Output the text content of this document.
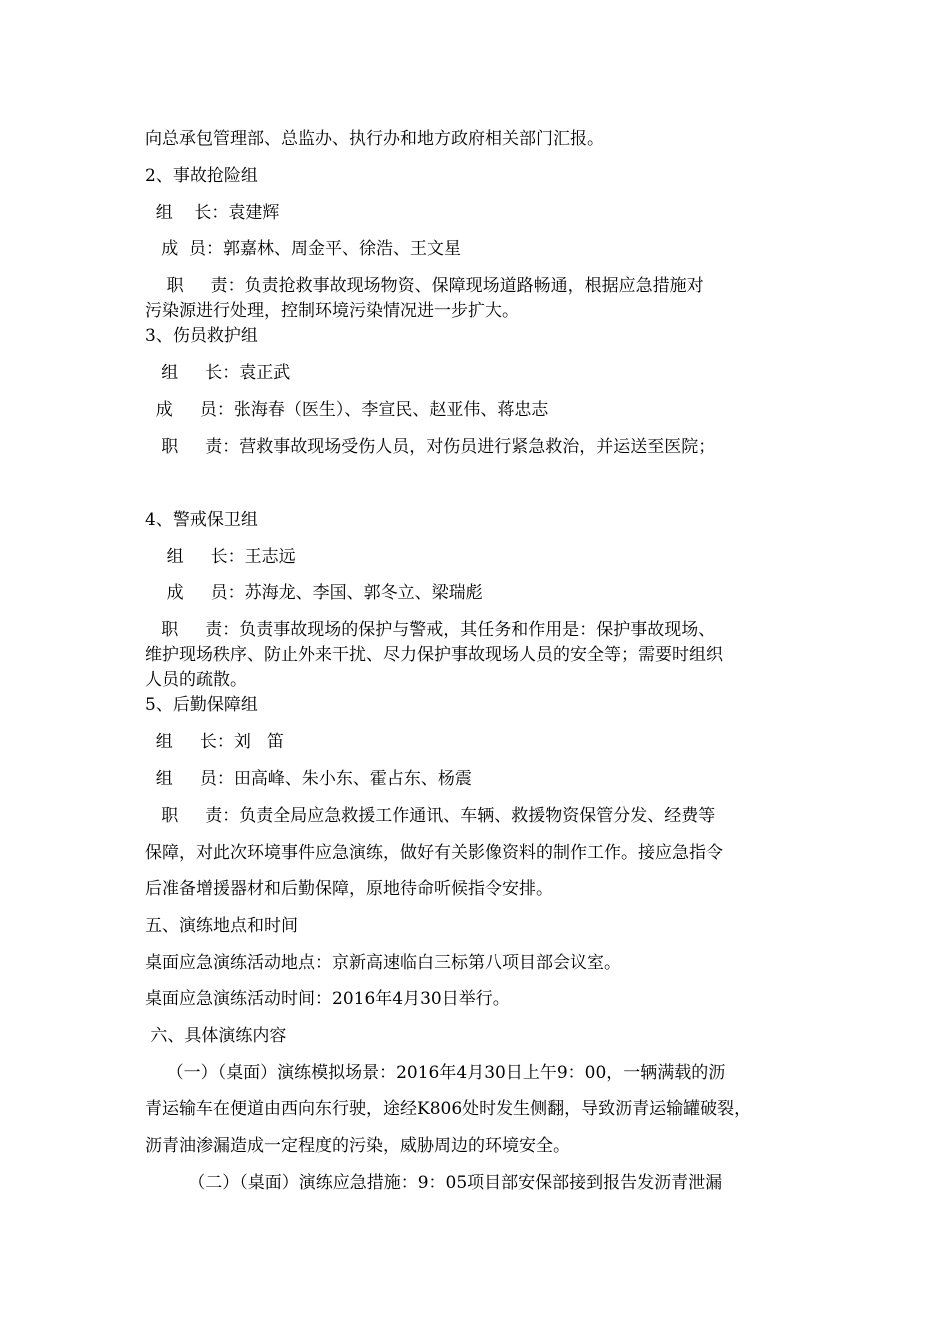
向总承包管理部、总监办、执行办和地方政府相关部门汇报。

2、事故抢险组

组    长：袁建辉

成  员：郭嘉林、周金平、徐浩、王文星

职     责：负责抢救事故现场物资、保障现场道路畅通，根据应急措施对

污染源进行处理，控制环境污染情况进一步扩大。

3、伤员救护组

组     长：袁正武

成     员：张海春（医生）、李宣民、赵亚伟、蒋忠志

职     责：营救事故现场受伤人员，对伤员进行紧急救治，并运送至医院；

4、警戒保卫组

组     长：王志远

成     员：苏海龙、李国、郭冬立、梁瑞彪

职     责：负责事故现场的保护与警戒，其任务和作用是：保护事故现场、

维护现场秩序、防止外来干扰、尽力保护事故现场人员的安全等；需要时组织

人员的疏散。

5、后勤保障组

组     长：刘   笛

组     员：田高峰、朱小东、霍占东、杨震

职     责：负责全局应急救援工作通讯、车辆、救援物资保管分发、经费等

保障，对此次环境事件应急演练，做好有关影像资料的制作工作。接应急指令

后准备增援器材和后勤保障，原地待命听候指令安排。

五、演练地点和时间

桌面应急演练活动地点：京新高速临白三标第八项目部会议室。

桌面应急演练活动时间：2016年4月30日举行。

六、具体演练内容

（一）（桌面）演练模拟场景：2016年4月30日上午9：00，一辆满载的沥

青运输车在便道由西向东行驶，途经K806处时发生侧翻，导致沥青运输罐破裂，

沥青油渗漏造成一定程度的污染，威胁周边的环境安全。

（二）（桌面）演练应急措施：9：05项目部安保部接到报告发沥青泄漏
